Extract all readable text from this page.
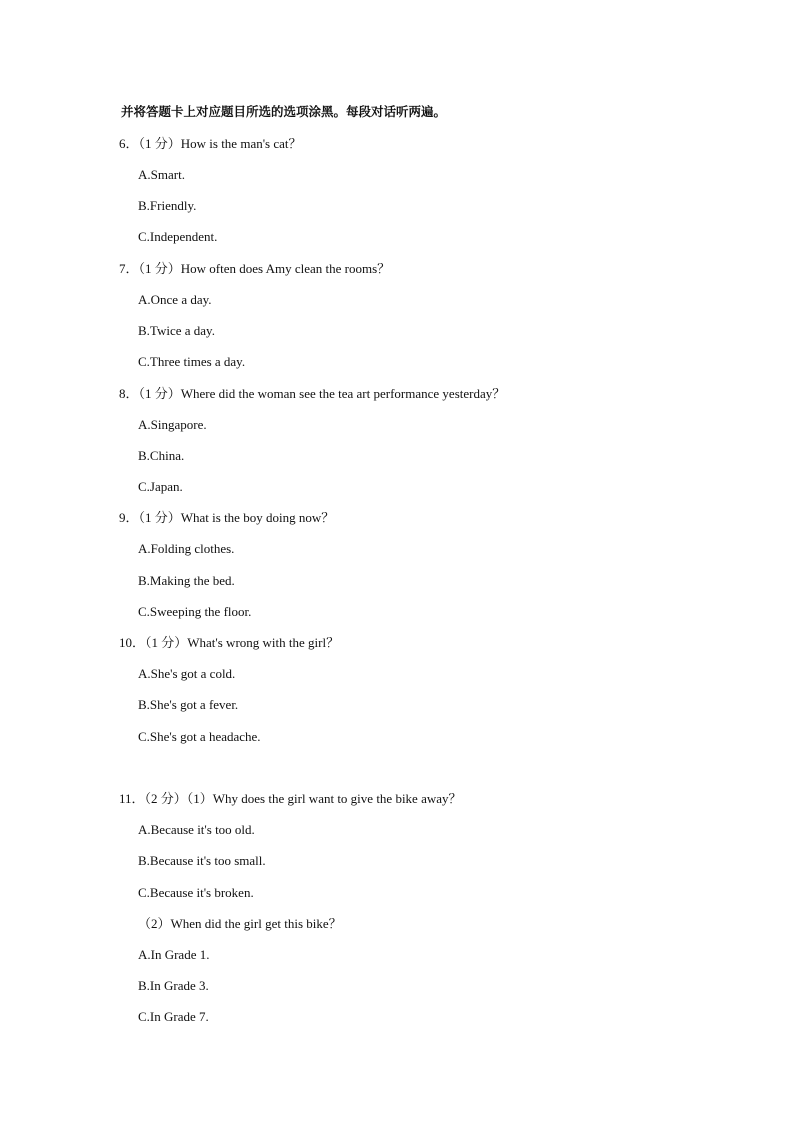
并将答题卡上对应题目所选的选项涂黑。每段对话听两遍。
6．（1 分）How is the man's cat？
A.Smart.
B.Friendly.
C.Independent.
7．（1 分）How often does Amy clean the rooms？
A.Once a day.
B.Twice a day.
C.Three times a day.
8．（1 分）Where did the woman see the tea art performance yesterday？
A.Singapore.
B.China.
C.Japan.
9．（1 分）What is the boy doing now？
A.Folding clothes.
B.Making the bed.
C.Sweeping the floor.
10．（1 分）What's wrong with the girl？
A.She's got a cold.
B.She's got a fever.
C.She's got a headache.
11．（2 分）（1）Why does the girl want to give the bike away？
A.Because it's too old.
B.Because it's too small.
C.Because it's broken.
（2）When did the girl get this bike？
A.In Grade 1.
B.In Grade 3.
C.In Grade 7.
